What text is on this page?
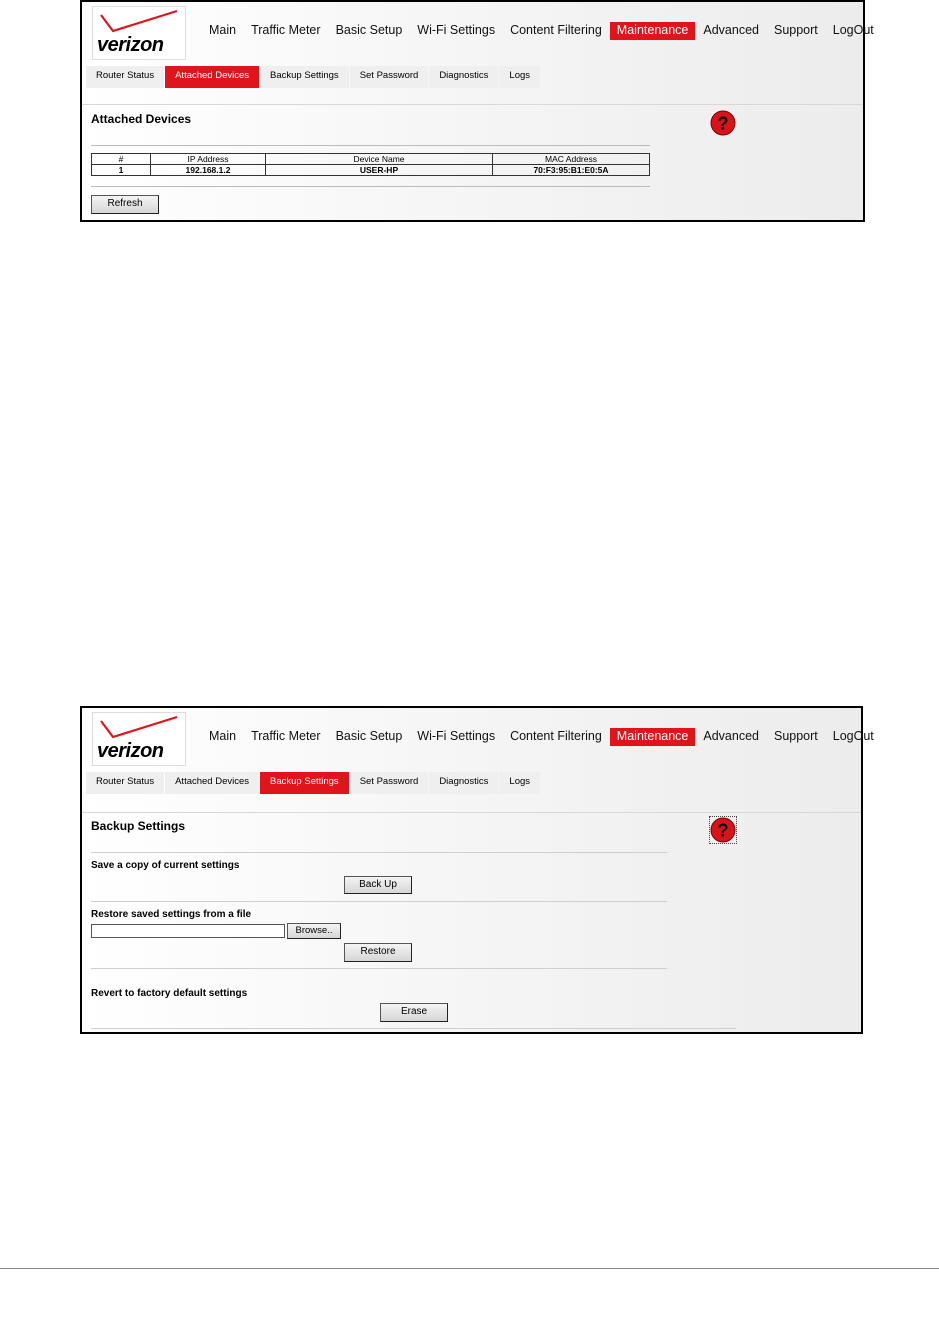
verizon
Main	Traffic Meter	Basic Setup	Wi-Fi Settings	Content Filtering	Maintenance	Advanced	Support	LogOut
Router Status	Attached Devices	Backup Settings	Set Password	Diagnostics	Logs
Attached Devices	?
#	IP Address	Device Name	MAC Address
1	192.168.1.2	USER-HP	70:F3:95:B1:E0:5A
Refresh
verizon
Main	Traffic Meter	Basic Setup	Wi-Fi Settings	Content Filtering	Maintenance	Advanced	Support	LogOut
Router Status	Attached Devices	Backup Settings	Set Password	Diagnostics	Logs
Backup Settings	?
Save a copy of current settings
Back Up
Restore saved settings from a file
Browse..
Restore
Revert to factory default settings
Erase
